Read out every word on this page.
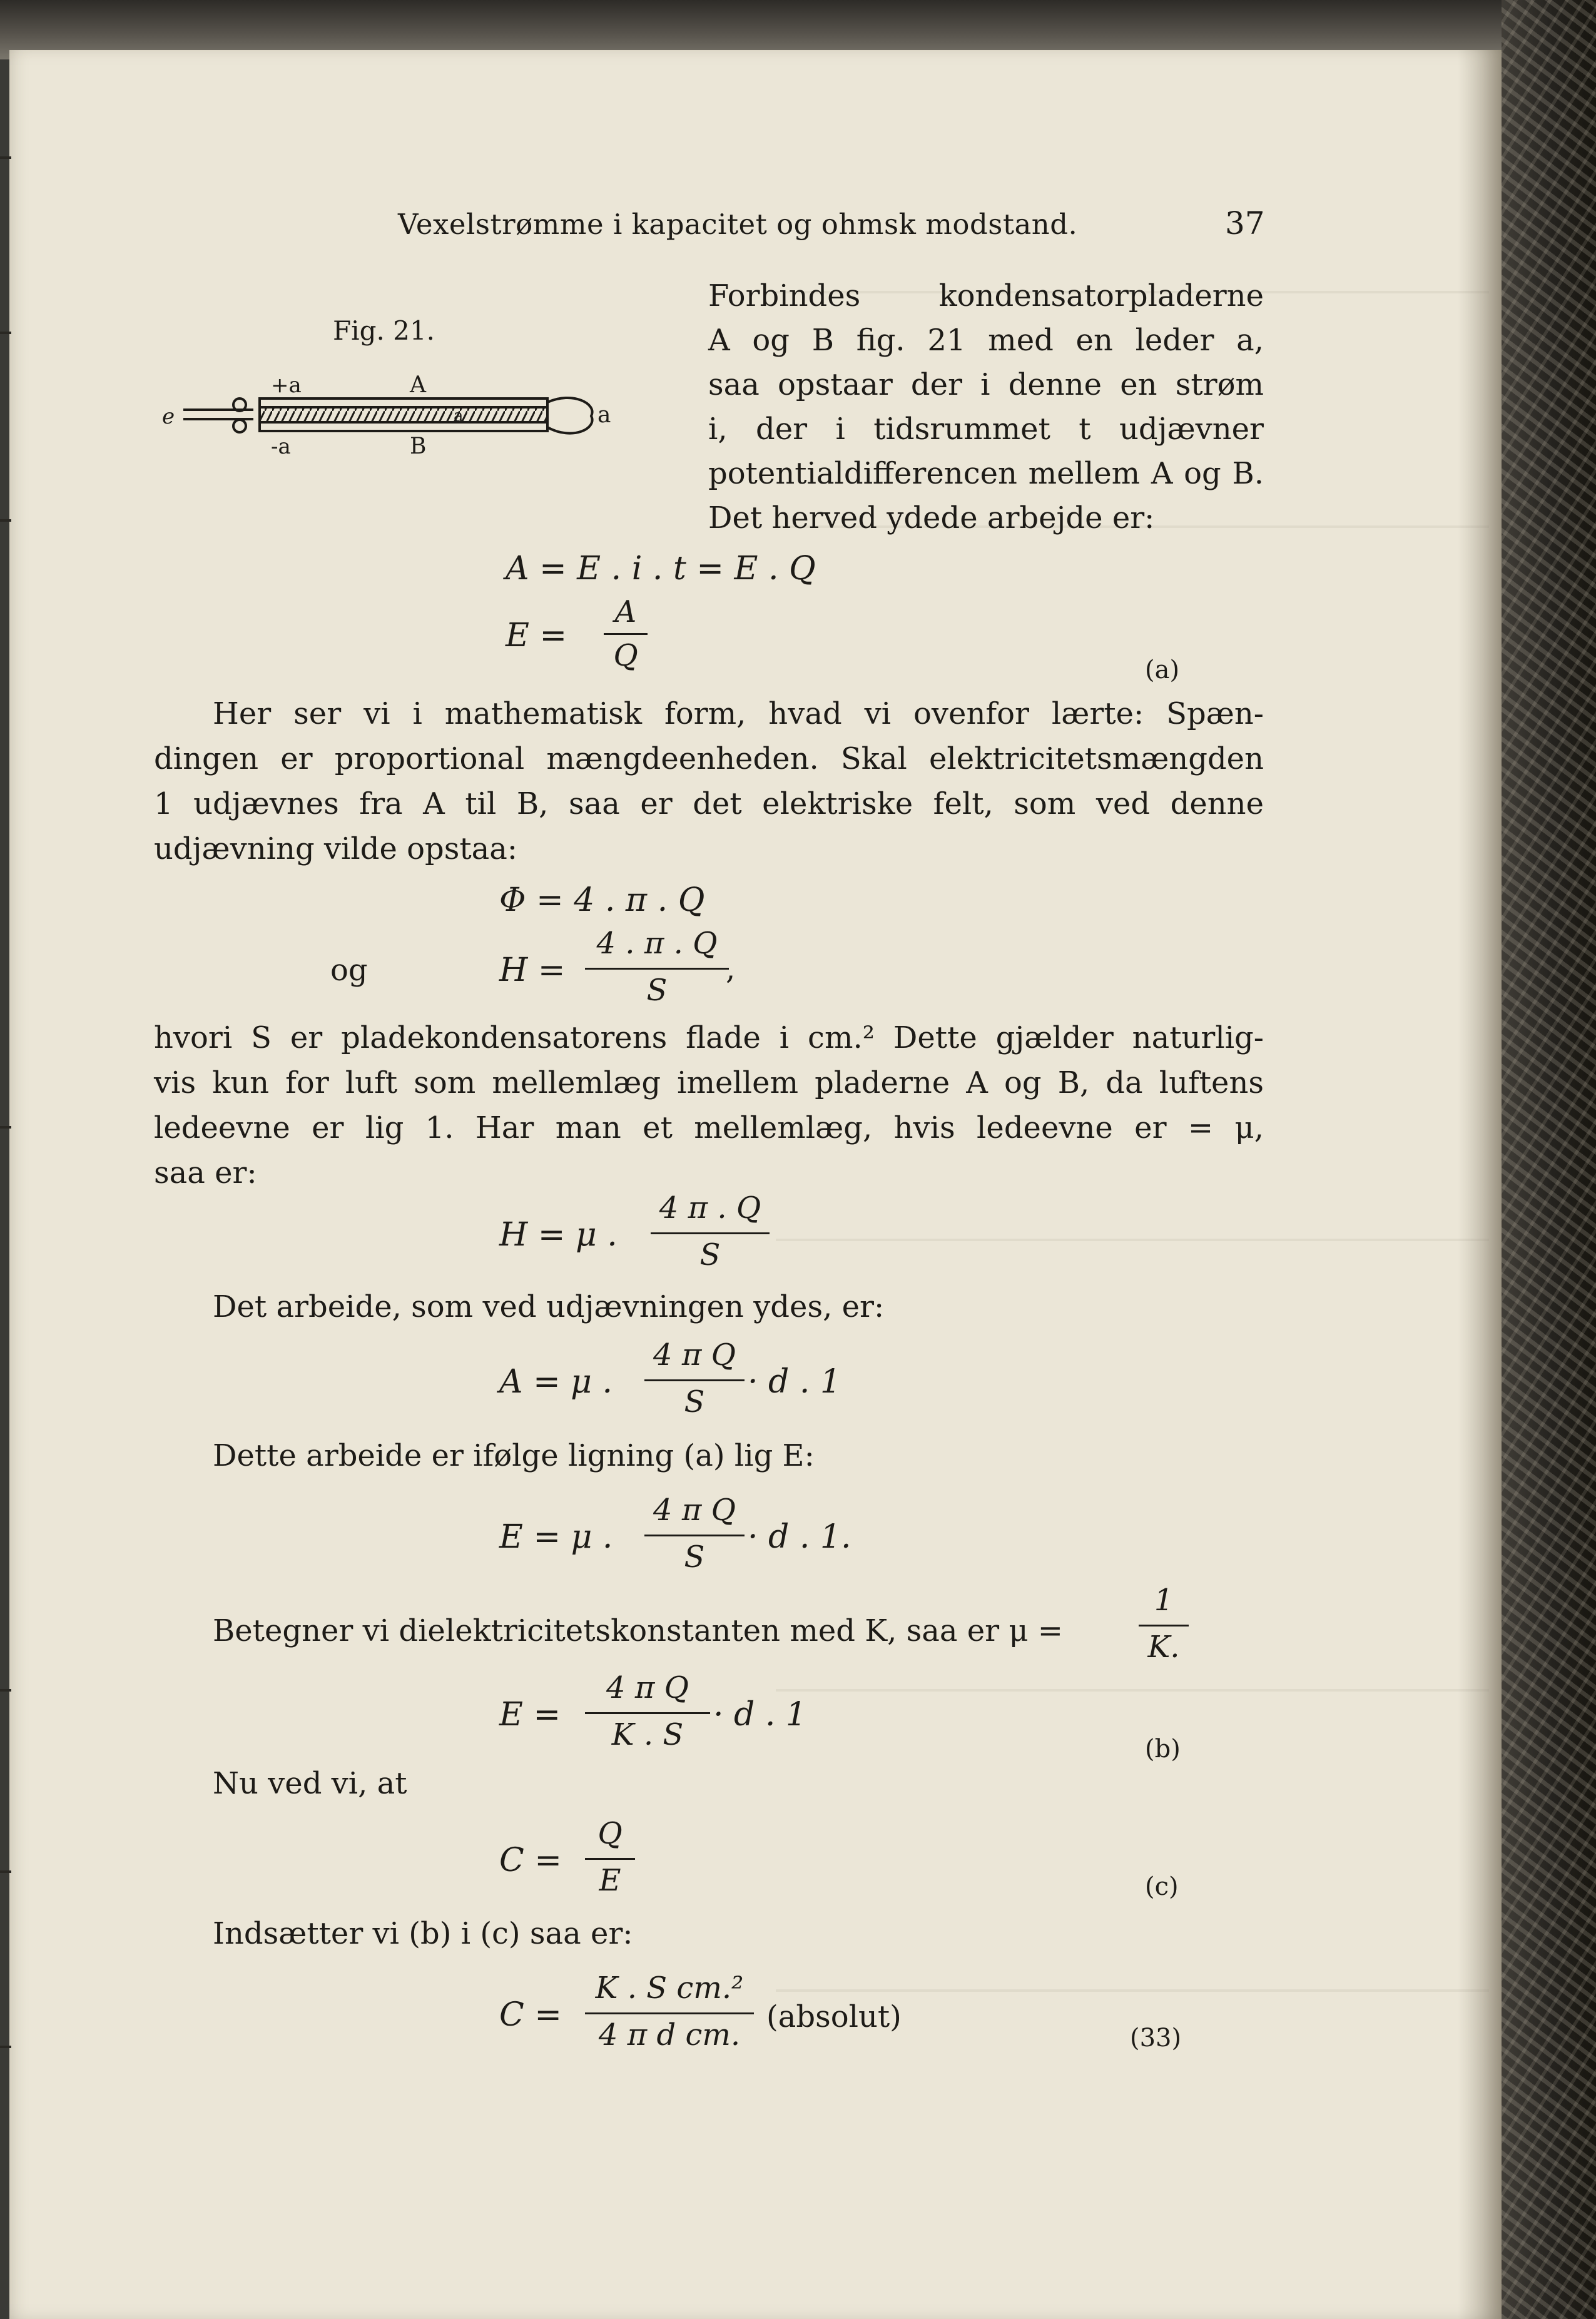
Vexelstrømme i kapacitet og ohmsk modstand.	37

Fig. 21.

+a	A
-a	B
e	a
a

Forbindes kondensatorpladerne

A og B fig. 21 med en leder a,

saa opstaar der i denne en strøm

i, der i tidsrummet t udjævner

potentialdifferencen mellem A og B.

Det herved ydede arbejde er:

A = E . i . t = E . Q

E =

A
Q	(a)

Her ser vi i mathematisk form, hvad vi ovenfor lærte: Spæn-

dingen er proportional mængdeenheden. Skal elektricitetsmængden

1 udjævnes fra A til B, saa er det elektriske felt, som ved denne

udjævning vilde opstaa:

Φ = 4 . π . Q

og	H =

4 . π . Q
S

,

hvori S er pladekondensatorens flade i cm.² Dette gjælder naturlig-

vis kun for luft som mellemlæg imellem pladerne A og B, da luftens

ledeevne er lig 1. Har man et mellemlæg, hvis ledeevne er = μ,

saa er:

H = μ .

4 π . Q
S

Det arbeide, som ved udjævningen ydes, er:

A = μ .

4 π Q
S

· d . 1

Dette arbeide er ifølge ligning (a) lig E:

E = μ .

4 π Q
S

· d . 1.

Betegner vi dielektricitetskonstanten med K, saa er μ =

1
K.

E =

4 π Q
K . S

· d . 1

(b)

Nu ved vi, at

C =

Q
E	(c)

Indsætter vi (b) i (c) saa er:

C =

K . S cm.²
4 π d cm.

(absolut)

(33)
